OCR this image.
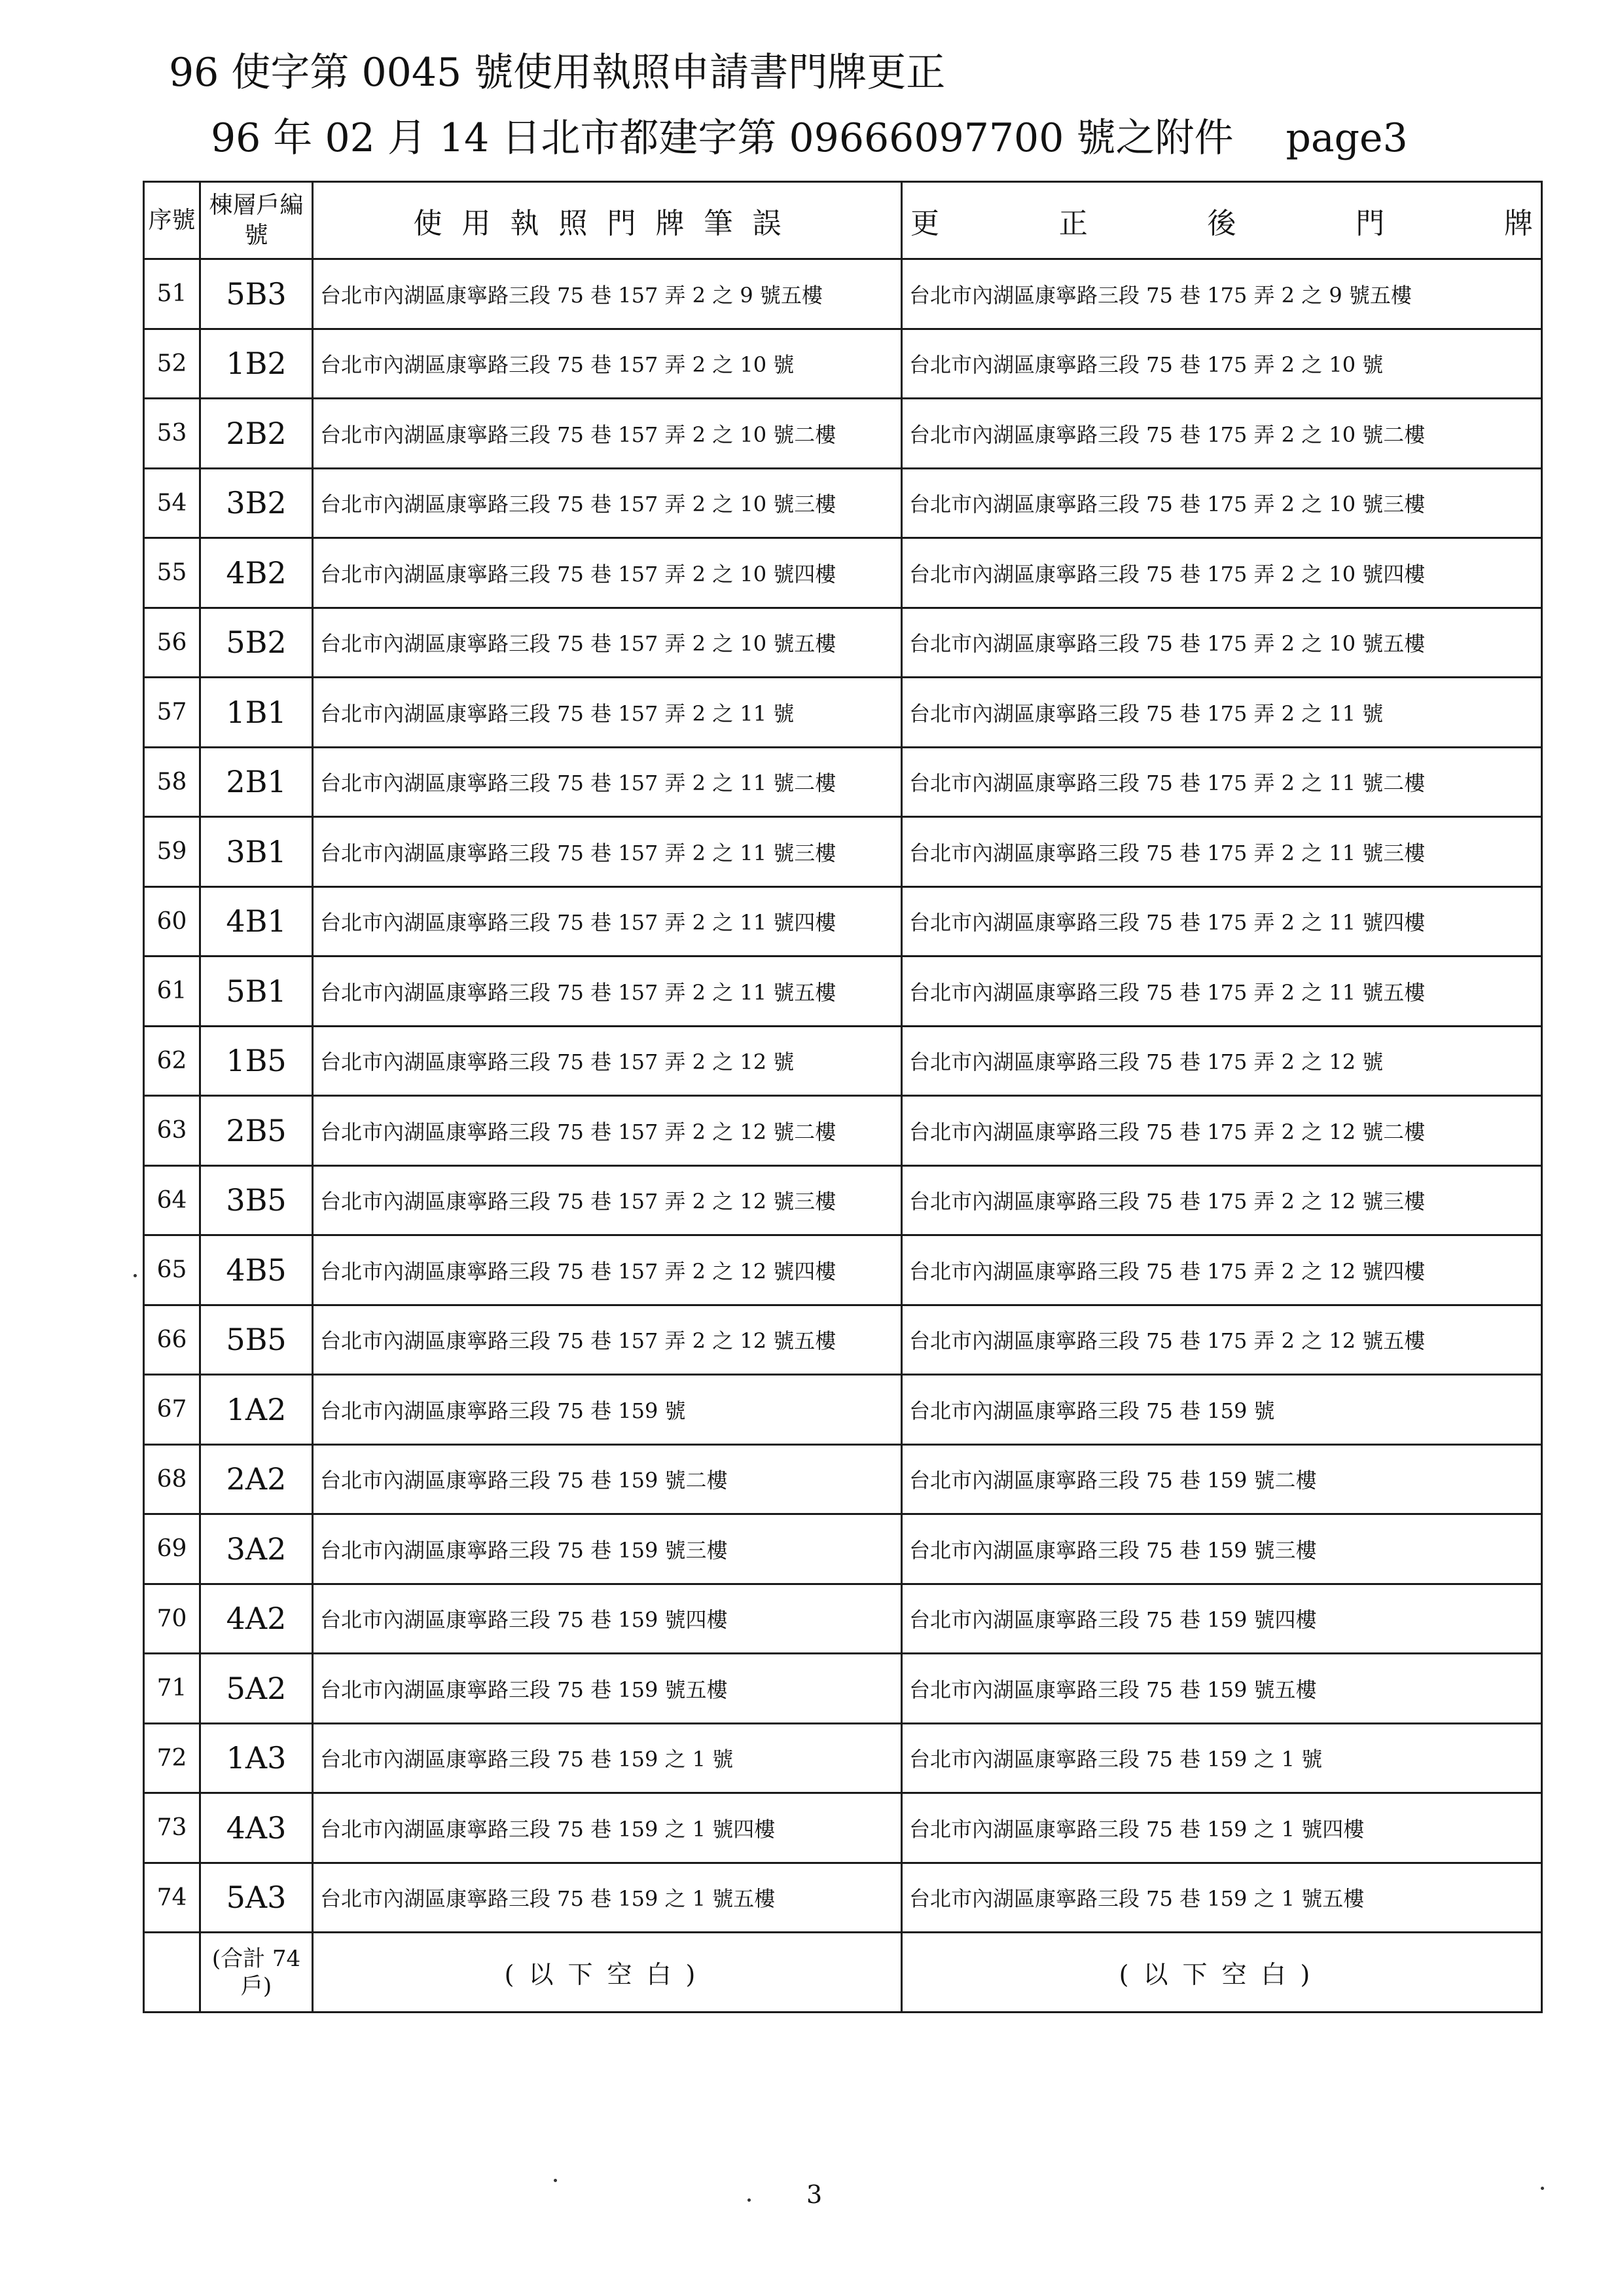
96 使字第 0045 號使用執照申請書門牌更正
96 年 02 月 14 日北市都建字第 09666097700 號之附件 page3
序號	棟層戶編號	使用執照門牌筆誤	更 正 後 門 牌

51	5B3	台北市內湖區康寧路三段 75 巷 157 弄 2 之 9 號五樓	台北市內湖區康寧路三段 75 巷 175 弄 2 之 9 號五樓
52	1B2	台北市內湖區康寧路三段 75 巷 157 弄 2 之 10 號	台北市內湖區康寧路三段 75 巷 175 弄 2 之 10 號
53	2B2	台北市內湖區康寧路三段 75 巷 157 弄 2 之 10 號二樓	台北市內湖區康寧路三段 75 巷 175 弄 2 之 10 號二樓
54	3B2	台北市內湖區康寧路三段 75 巷 157 弄 2 之 10 號三樓	台北市內湖區康寧路三段 75 巷 175 弄 2 之 10 號三樓
55	4B2	台北市內湖區康寧路三段 75 巷 157 弄 2 之 10 號四樓	台北市內湖區康寧路三段 75 巷 175 弄 2 之 10 號四樓
56	5B2	台北市內湖區康寧路三段 75 巷 157 弄 2 之 10 號五樓	台北市內湖區康寧路三段 75 巷 175 弄 2 之 10 號五樓
57	1B1	台北市內湖區康寧路三段 75 巷 157 弄 2 之 11 號	台北市內湖區康寧路三段 75 巷 175 弄 2 之 11 號
58	2B1	台北市內湖區康寧路三段 75 巷 157 弄 2 之 11 號二樓	台北市內湖區康寧路三段 75 巷 175 弄 2 之 11 號二樓
59	3B1	台北市內湖區康寧路三段 75 巷 157 弄 2 之 11 號三樓	台北市內湖區康寧路三段 75 巷 175 弄 2 之 11 號三樓
60	4B1	台北市內湖區康寧路三段 75 巷 157 弄 2 之 11 號四樓	台北市內湖區康寧路三段 75 巷 175 弄 2 之 11 號四樓
61	5B1	台北市內湖區康寧路三段 75 巷 157 弄 2 之 11 號五樓	台北市內湖區康寧路三段 75 巷 175 弄 2 之 11 號五樓
62	1B5	台北市內湖區康寧路三段 75 巷 157 弄 2 之 12 號	台北市內湖區康寧路三段 75 巷 175 弄 2 之 12 號
63	2B5	台北市內湖區康寧路三段 75 巷 157 弄 2 之 12 號二樓	台北市內湖區康寧路三段 75 巷 175 弄 2 之 12 號二樓
64	3B5	台北市內湖區康寧路三段 75 巷 157 弄 2 之 12 號三樓	台北市內湖區康寧路三段 75 巷 175 弄 2 之 12 號三樓
65	4B5	台北市內湖區康寧路三段 75 巷 157 弄 2 之 12 號四樓	台北市內湖區康寧路三段 75 巷 175 弄 2 之 12 號四樓
66	5B5	台北市內湖區康寧路三段 75 巷 157 弄 2 之 12 號五樓	台北市內湖區康寧路三段 75 巷 175 弄 2 之 12 號五樓
67	1A2	台北市內湖區康寧路三段 75 巷 159 號	台北市內湖區康寧路三段 75 巷 159 號
68	2A2	台北市內湖區康寧路三段 75 巷 159 號二樓	台北市內湖區康寧路三段 75 巷 159 號二樓
69	3A2	台北市內湖區康寧路三段 75 巷 159 號三樓	台北市內湖區康寧路三段 75 巷 159 號三樓
70	4A2	台北市內湖區康寧路三段 75 巷 159 號四樓	台北市內湖區康寧路三段 75 巷 159 號四樓
71	5A2	台北市內湖區康寧路三段 75 巷 159 號五樓	台北市內湖區康寧路三段 75 巷 159 號五樓
72	1A3	台北市內湖區康寧路三段 75 巷 159 之 1 號	台北市內湖區康寧路三段 75 巷 159 之 1 號
73	4A3	台北市內湖區康寧路三段 75 巷 159 之 1 號四樓	台北市內湖區康寧路三段 75 巷 159 之 1 號四樓
74	5A3	台北市內湖區康寧路三段 75 巷 159 之 1 號五樓	台北市內湖區康寧路三段 75 巷 159 之 1 號五樓
	(合計 74 戶)	(以下空白)	(以下空白)
3
